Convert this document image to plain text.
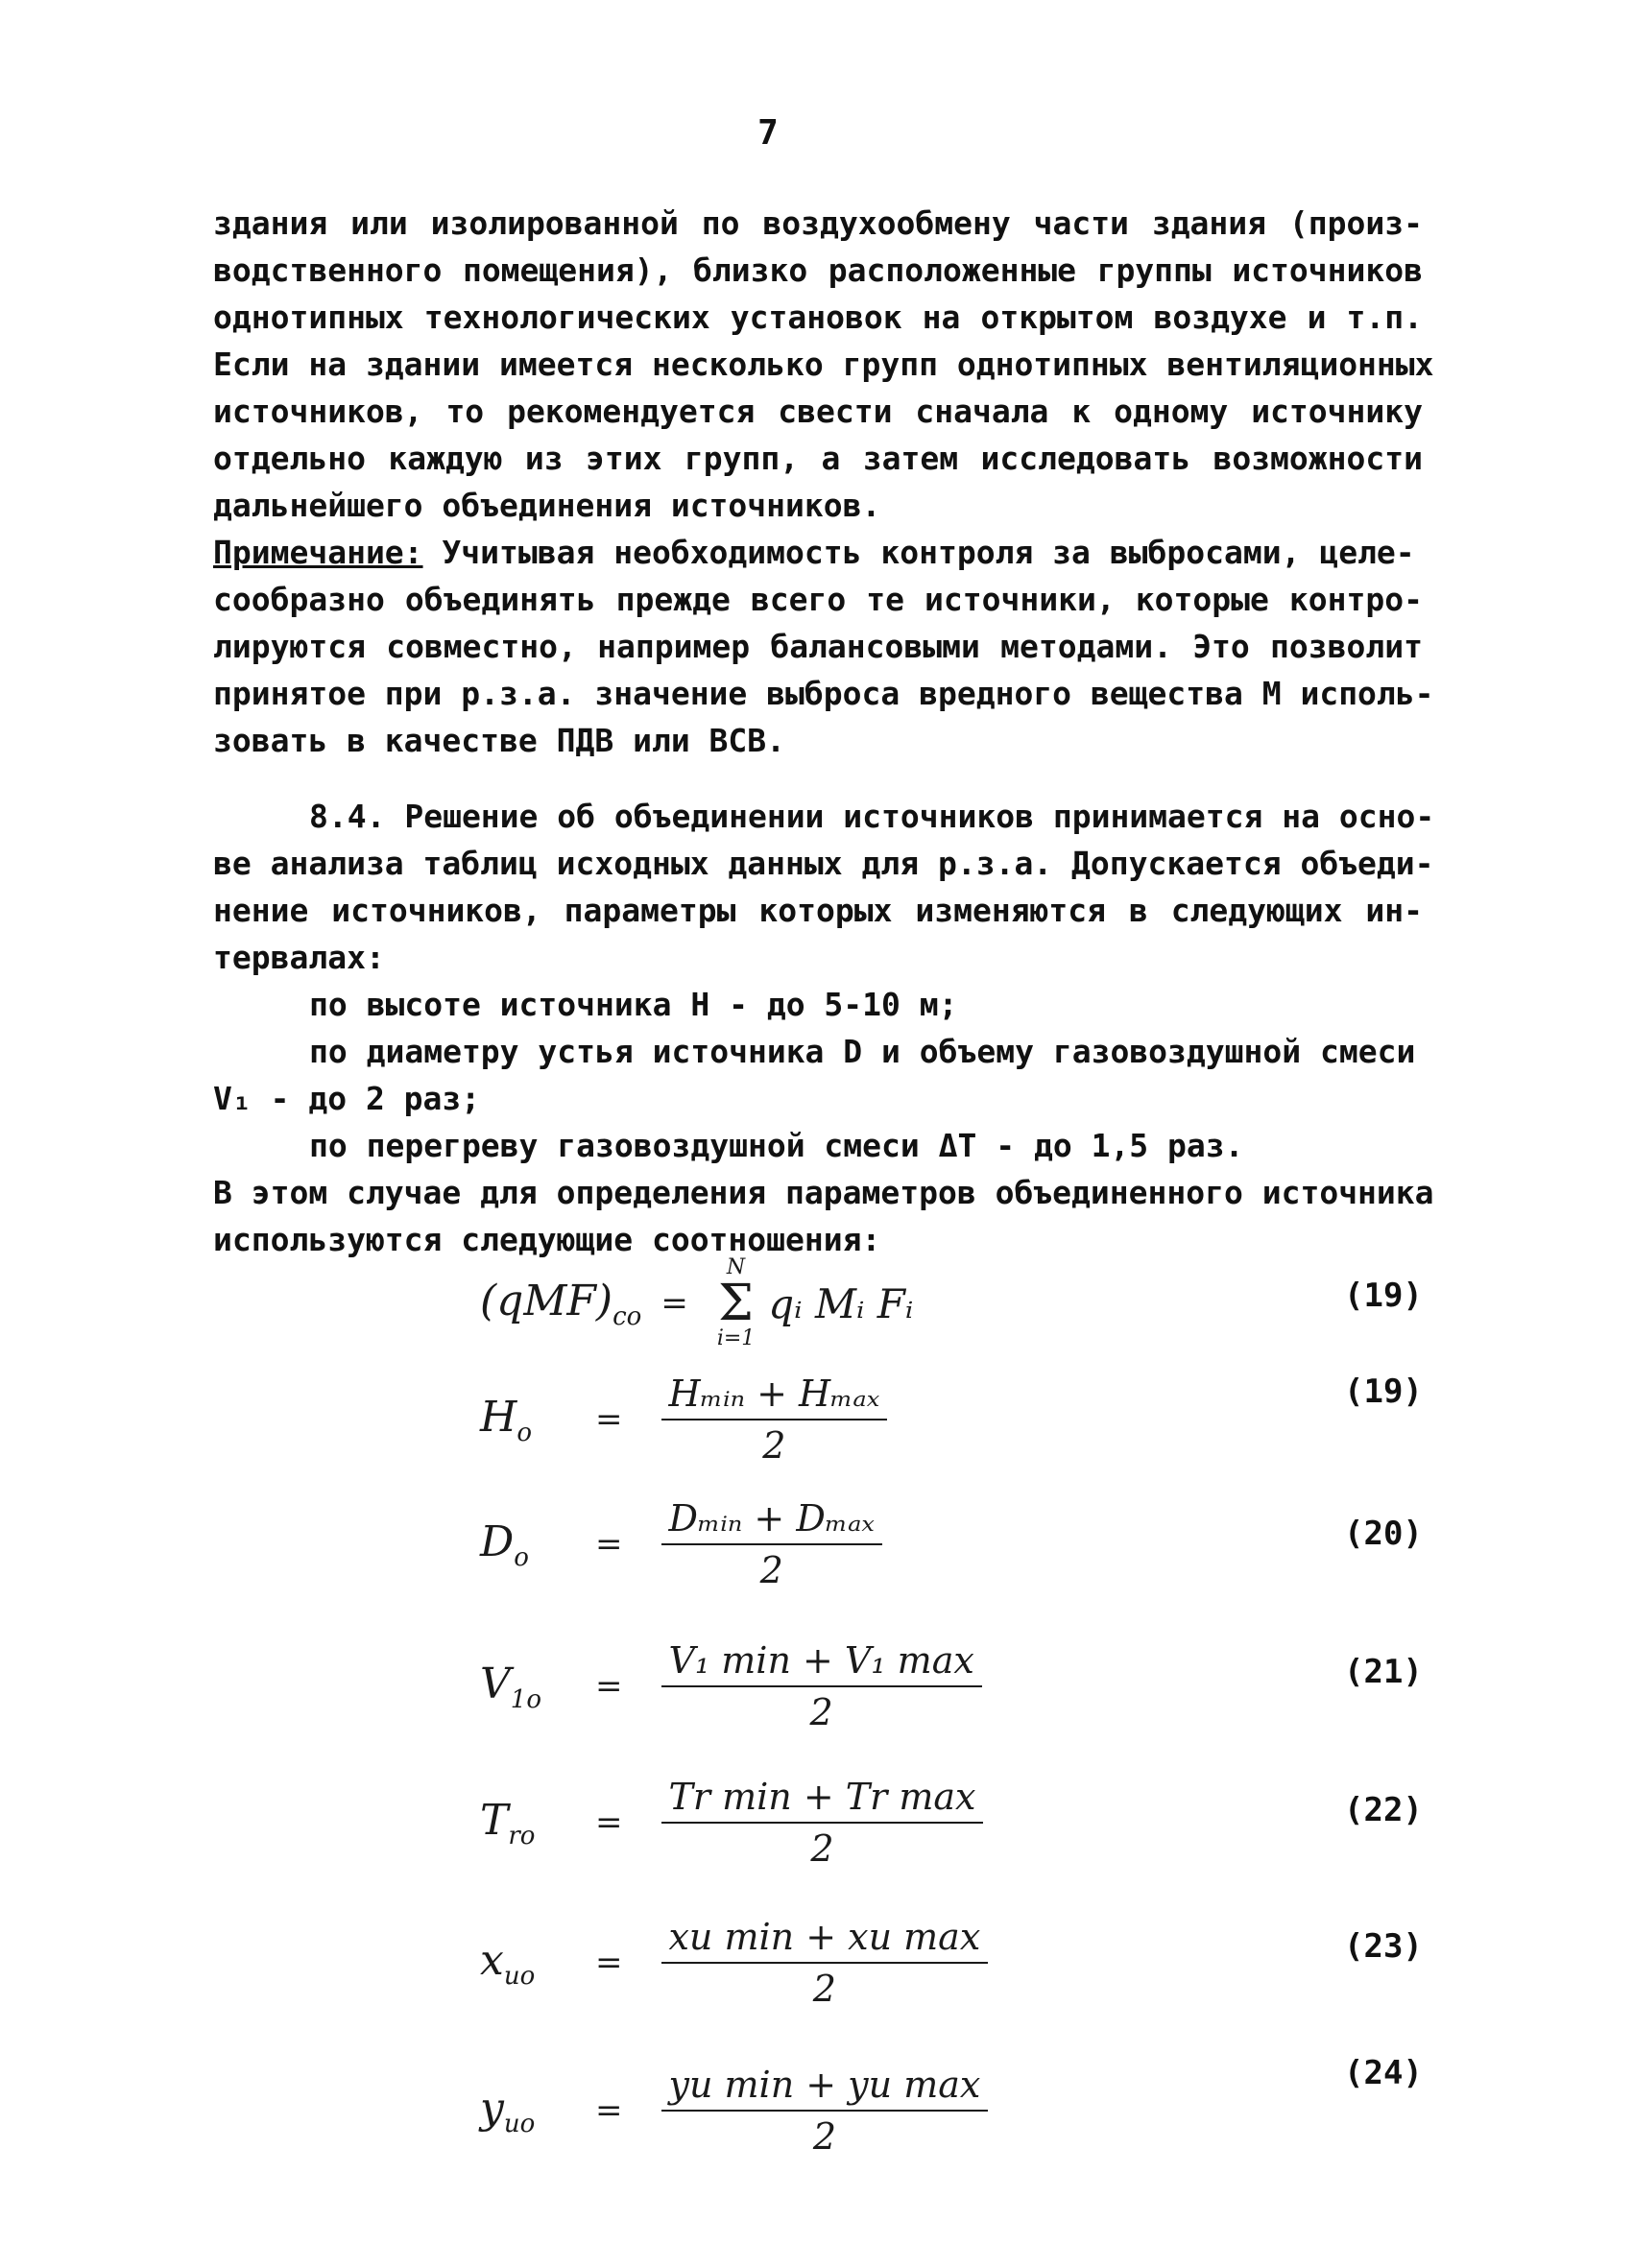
7
здания или изолированной по воздухообмену части здания (произ-
водственного помещения), близко расположенные группы источников
однотипных технологических установок на открытом воздухе и т.п.
Если на здании имеется несколько групп однотипных вентиляционных
источников, то рекомендуется свести сначала к одному источнику
отдельно каждую из этих групп, а затем исследовать возможности
дальнейшего объединения источников.
Примечание: Учитывая необходимость контроля за выбросами, целе-
сообразно объединять прежде всего те источники, которые контро-
лируются совместно, например балансовыми методами. Это позволит
принятое при р.з.а. значение выброса вредного вещества М исполь-
зовать в качестве ПДВ или ВСВ.
8.4. Решение об объединении источников принимается на осно-
ве анализа таблиц исходных данных для р.з.а. Допускается объеди-
нение источников, параметры которых изменяются в следующих ин-
тервалах:
по высоте источника Н - до 5-10 м;
по диаметру устья источника D и объему газовоздушной смеси
V₁ - до 2 раз;
по перегреву газовоздушной смеси ΔT - до 1,5 раз.
В этом случае для определения параметров объединенного источника
используются следующие соотношения:
$(qMF)_{co}$ =
N
Σ
i=1
qᵢ Mᵢ Fᵢ	(19)
$H_o$	= $\frac{\text{Hₘᵢₙ + Hₘₐₓ}}{2}$	(19)
$D_o$	= $\frac{\text{Dₘᵢₙ + Dₘₐₓ}}{2}$	(20)
$V_{1o}$	= $\frac{\text{V₁ min + V₁ max}}{2}$	(21)
$T_{ro}$	= $\frac{\text{Tr min + Tr max}}{2}$	(22)
$x_{uo}$	= $\frac{\text{xu min + xu max}}{2}$	(23)
$y_{uo}$	= $\frac{\text{yu min + yu max}}{2}$	(24)
